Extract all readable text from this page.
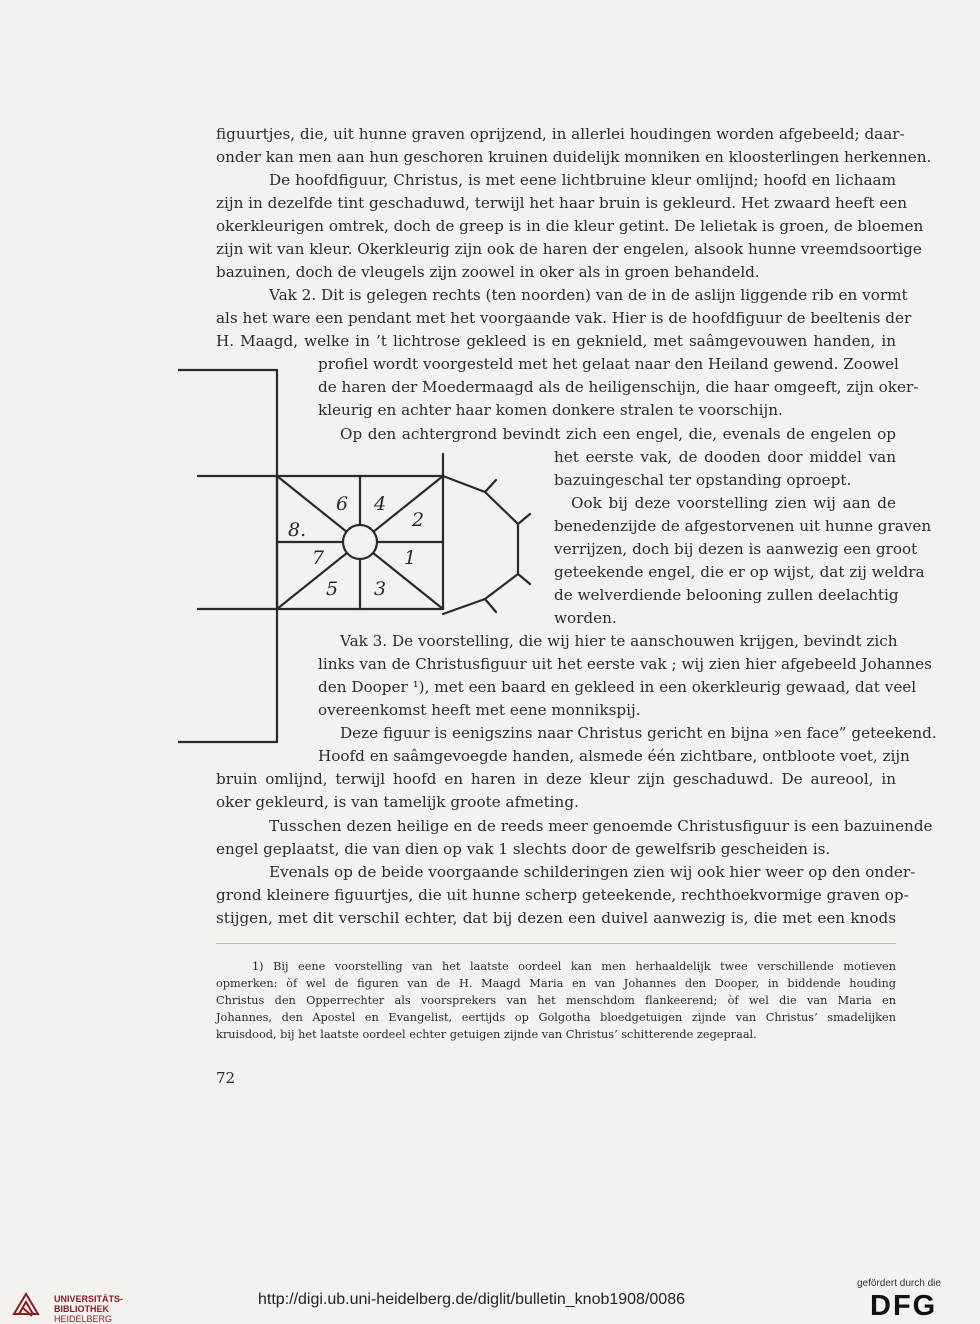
figuurtjes, die, uit hunne graven oprijzend, in allerlei houdingen worden afgebeeld; daar-

onder kan men aan hun geschoren kruinen duidelijk monniken en kloosterlingen herkennen.

De hoofdfiguur, Christus, is met eene lichtbruine kleur omlijnd; hoofd en lichaam

zijn in dezelfde tint geschaduwd, terwijl het haar bruin is gekleurd. Het zwaard heeft een

okerkleurigen omtrek, doch de greep is in die kleur getint. De lelietak is groen, de bloemen

zijn wit van kleur. Okerkleurig zijn ook de haren der engelen, alsook hunne vreemdsoortige

bazuinen, doch de vleugels zijn zoowel in oker als in groen behandeld.

Vak 2. Dit is gelegen rechts (ten noorden) van de in de aslijn liggende rib en vormt

als het ware een pendant met het voorgaande vak. Hier is de hoofdfiguur de beeltenis der

H. Maagd, welke in ’t lichtrose gekleed is en geknield, met saâmgevouwen handen, in

profiel wordt voorgesteld met het gelaat naar den Heiland gewend. Zoowel

de haren der Moedermaagd als de heiligenschijn, die haar omgeeft, zijn oker-

kleurig en achter haar komen donkere stralen te voorschijn.

Op den achtergrond bevindt zich een engel, die, evenals de engelen op

het eerste vak, de dooden door middel van

bazuingeschal ter opstanding oproept.

Ook bij deze voorstelling zien wij aan de

benedenzijde de afgestorvenen uit hunne graven

verrijzen, doch bij dezen is aanwezig een groot

geteekende engel, die er op wijst, dat zij weldra

de welverdiende belooning zullen deelachtig

worden.

Vak 3. De voorstelling, die wij hier te aanschouwen krijgen, bevindt zich

links van de Christusfiguur uit het eerste vak ; wij zien hier afgebeeld Johannes

den Dooper ¹), met een baard en gekleed in een okerkleurig gewaad, dat veel

overeenkomst heeft met eene monnikspij.

Deze figuur is eenigszins naar Christus gericht en bijna »en face” geteekend.

Hoofd en saâmgevoegde handen, alsmede één zichtbare, ontbloote voet, zijn

bruin omlijnd, terwijl hoofd en haren in deze kleur zijn geschaduwd. De aureool, in

oker gekleurd, is van tamelijk groote afmeting.

Tusschen dezen heilige en de reeds meer genoemde Christusfiguur is een bazuinende

engel geplaatst, die van dien op vak 1 slechts door de gewelfsrib gescheiden is.

Evenals op de beide voorgaande schilderingen zien wij ook hier weer op den onder-

grond kleinere figuurtjes, die uit hunne scherp geteekende, rechthoekvormige graven op-

stijgen, met dit verschil echter, dat bij dezen een duivel aanwezig is, die met een knods

6 4
8.	2
7	1
5 3

1) Bij eene voorstelling van het laatste oordeel kan men herhaaldelijk twee verschillende motieven

opmerken: òf wel de figuren van de H. Maagd Maria en van Johannes den Dooper, in biddende houding

Christus den Opperrechter als voorsprekers van het menschdom flankeerend; òf wel die van Maria en

Johannes, den Apostel en Evangelist, eertijds op Golgotha bloedgetuigen zijnde van Christus’ smadelijken

kruisdood, bij het laatste oordeel echter getuigen zijnde van Christus’ schitterende zegepraal.

72
UNIVERSITÄTS-
BIBLIOTHEK
HEIDELBERG
http://digi.ub.uni-heidelberg.de/diglit/bulletin_knob1908/0086
gefördert durch die
DFG
